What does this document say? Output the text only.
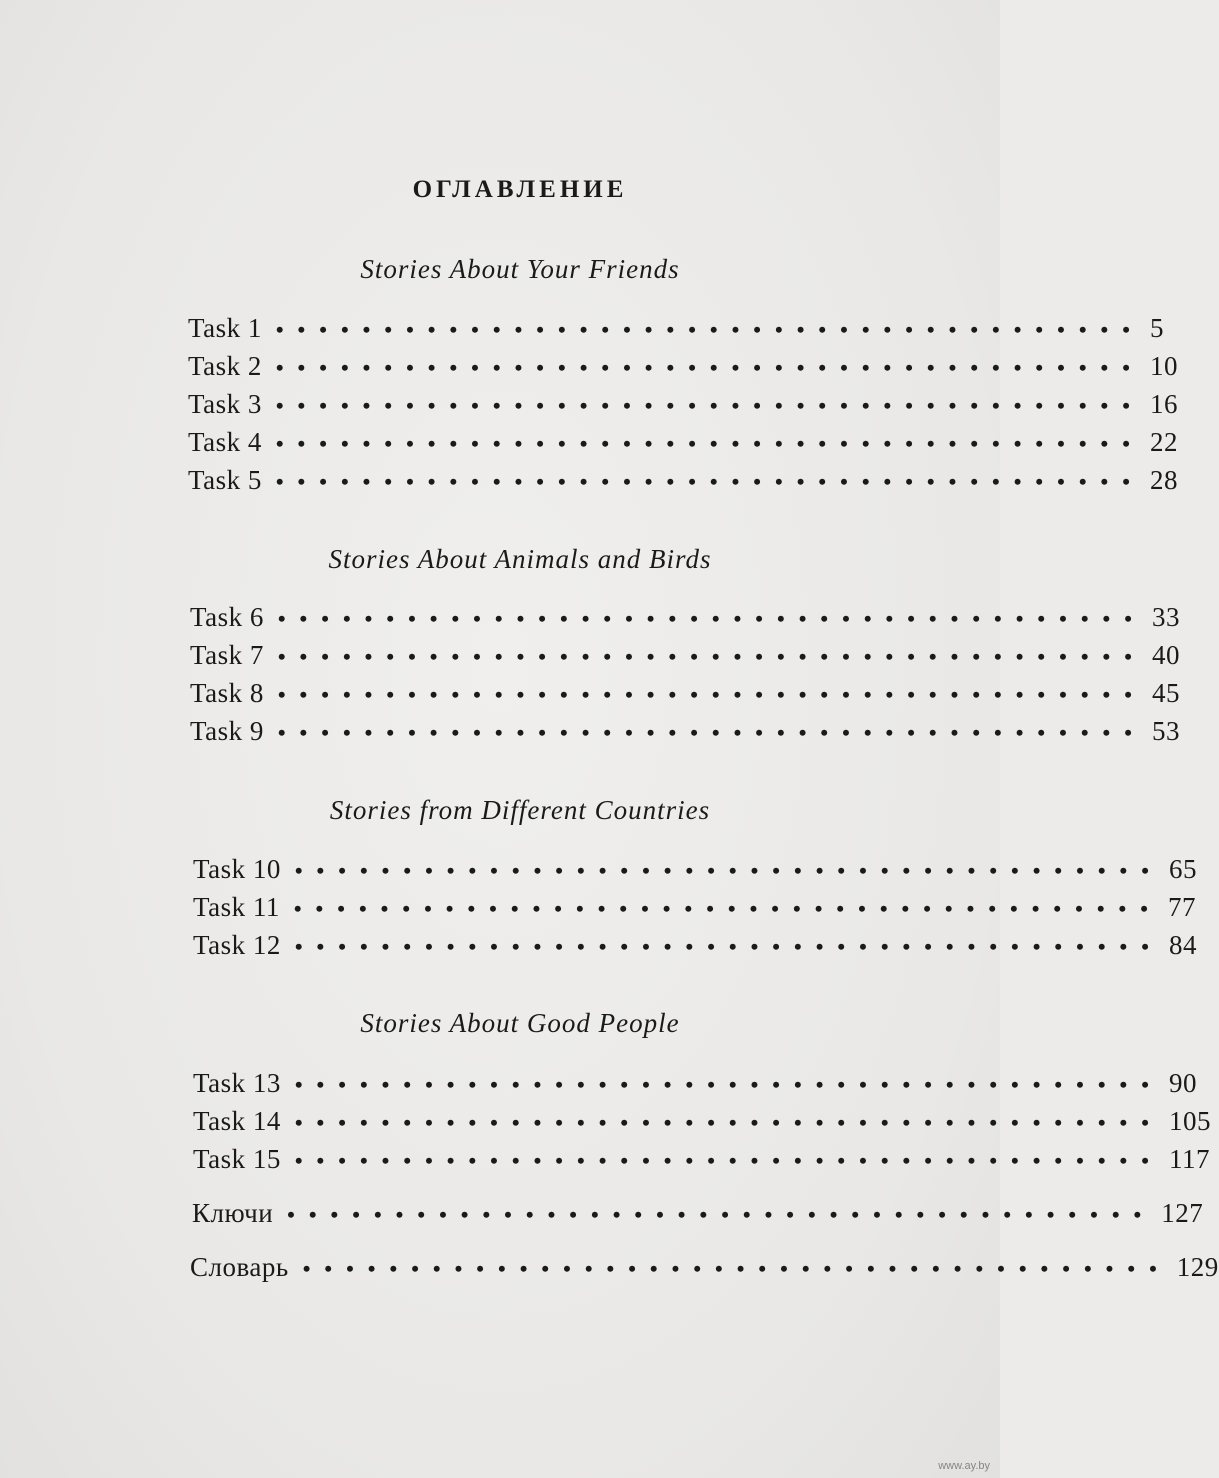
ОГЛАВЛЕНИЕ
Stories About Your Friends
Task 1 •••••••••••••••••••••••••••••••••••••••• 5
Task 2 •••••••••••••••••••••••••••••••••••••••• 10
Task 3 •••••••••••••••••••••••••••••••••••••••• 16
Task 4 •••••••••••••••••••••••••••••••••••••••• 22
Task 5 •••••••••••••••••••••••••••••••••••••••• 28
Stories About Animals and Birds
Task 6 •••••••••••••••••••••••••••••••••••••••• 33
Task 7 •••••••••••••••••••••••••••••••••••••••• 40
Task 8 •••••••••••••••••••••••••••••••••••••••• 45
Task 9 •••••••••••••••••••••••••••••••••••••••• 53
Stories from Different Countries
Task 10 •••••••••••••••••••••••••••••••••••••••• 65
Task 11 •••••••••••••••••••••••••••••••••••••••• 77
Task 12 •••••••••••••••••••••••••••••••••••••••• 84
Stories About Good People
Task 13 •••••••••••••••••••••••••••••••••••••••• 90
Task 14 •••••••••••••••••••••••••••••••••••••••• 105
Task 15 •••••••••••••••••••••••••••••••••••••••• 117
Ключи •••••••••••••••••••••••••••••••••••••••• 127
Словарь •••••••••••••••••••••••••••••••••••••••• 129
www.ay.by
